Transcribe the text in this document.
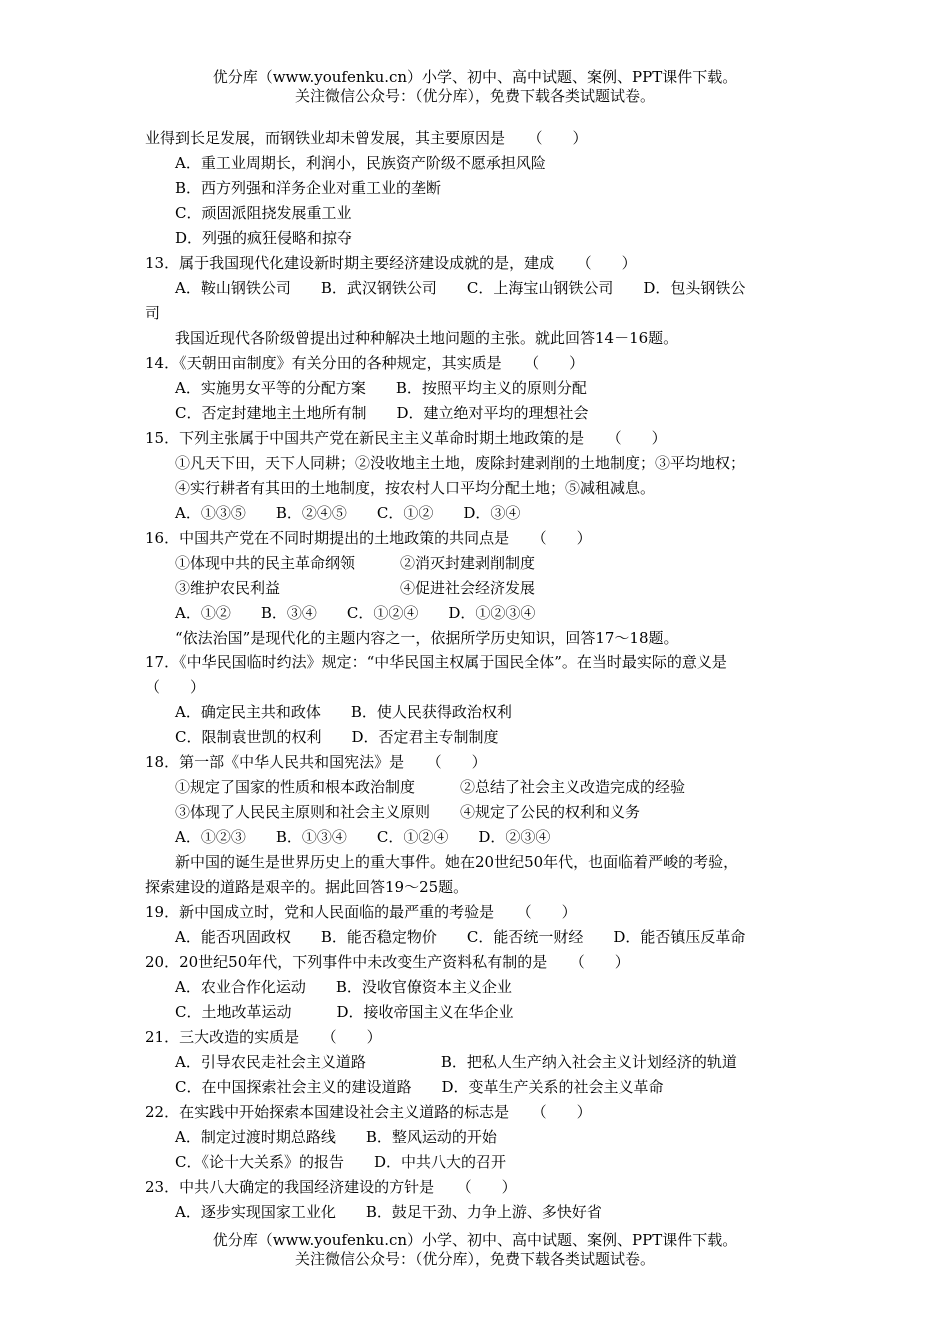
优分库（www.youfenku.cn）小学、初中、高中试题、案例、PPT课件下载。
关注微信公众号：（优分库），免费下载各类试题试卷。
业得到长足发展，而钢铁业却未曾发展，其主要原因是　　（　　）
A．重工业周期长，利润小，民族资产阶级不愿承担风险
B．西方列强和洋务企业对重工业的垄断
C．顽固派阻挠发展重工业
D．列强的疯狂侵略和掠夺
13．属于我国现代化建设新时期主要经济建设成就的是，建成　　（　　）
A．鞍山钢铁公司　　B．武汉钢铁公司　　C．上海宝山钢铁公司　　D．包头钢铁公
司
我国近现代各阶级曾提出过种种解决土地问题的主张。就此回答14－16题。
14．《天朝田亩制度》有关分田的各种规定，其实质是　　（　　）
A．实施男女平等的分配方案　　B．按照平均主义的原则分配
C．否定封建地主土地所有制　　D．建立绝对平均的理想社会
15．下列主张属于中国共产党在新民主主义革命时期土地政策的是　　（　　）
①凡天下田，天下人同耕；②没收地主土地，废除封建剥削的土地制度；③平均地权；
④实行耕者有其田的土地制度，按农村人口平均分配土地；⑤减租减息。
A．①③⑤　　B．②④⑤　　C．①②　　D．③④
16．中国共产党在不同时期提出的土地政策的共同点是　　（　　）
①体现中共的民主革命纲领　　　②消灭封建剥削制度
③维护农民利益　　　　　　　　④促进社会经济发展
A．①②　　B．③④　　C．①②④　　D．①②③④
“依法治国”是现代化的主题内容之一，依据所学历史知识，回答17～18题。
17．《中华民国临时约法》规定：“中华民国主权属于国民全体”。在当时最实际的意义是
（　　）
A．确定民主共和政体　　B．使人民获得政治权利
C．限制袁世凯的权利　　D．否定君主专制制度
18．第一部《中华人民共和国宪法》是　　（　　）
①规定了国家的性质和根本政治制度　　　②总结了社会主义改造完成的经验
③体现了人民民主原则和社会主义原则　　④规定了公民的权利和义务
A．①②③　　B．①③④　　C．①②④　　D．②③④
新中国的诞生是世界历史上的重大事件。她在20世纪50年代，也面临着严峻的考验，
探索建设的道路是艰辛的。据此回答19～25题。
19．新中国成立时，党和人民面临的最严重的考验是　　（　　）
A．能否巩固政权　　B．能否稳定物价　　C．能否统一财经　　D．能否镇压反革命
20．20世纪50年代，下列事件中未改变生产资料私有制的是　　（　　）
A．农业合作化运动　　B．没收官僚资本主义企业
C．土地改革运动　　　D．接收帝国主义在华企业
21．三大改造的实质是　　（　　）
A．引导农民走社会主义道路　　　　　B．把私人生产纳入社会主义计划经济的轨道
C．在中国探索社会主义的建设道路　　D．变革生产关系的社会主义革命
22．在实践中开始探索本国建设社会主义道路的标志是　　（　　）
A．制定过渡时期总路线　　B．整风运动的开始
C．《论十大关系》的报告　　D．中共八大的召开
23．中共八大确定的我国经济建设的方针是　　（　　）
A．逐步实现国家工业化　　B．鼓足干劲、力争上游、多快好省
优分库（www.youfenku.cn）小学、初中、高中试题、案例、PPT课件下载。
关注微信公众号：（优分库），免费下载各类试题试卷。
